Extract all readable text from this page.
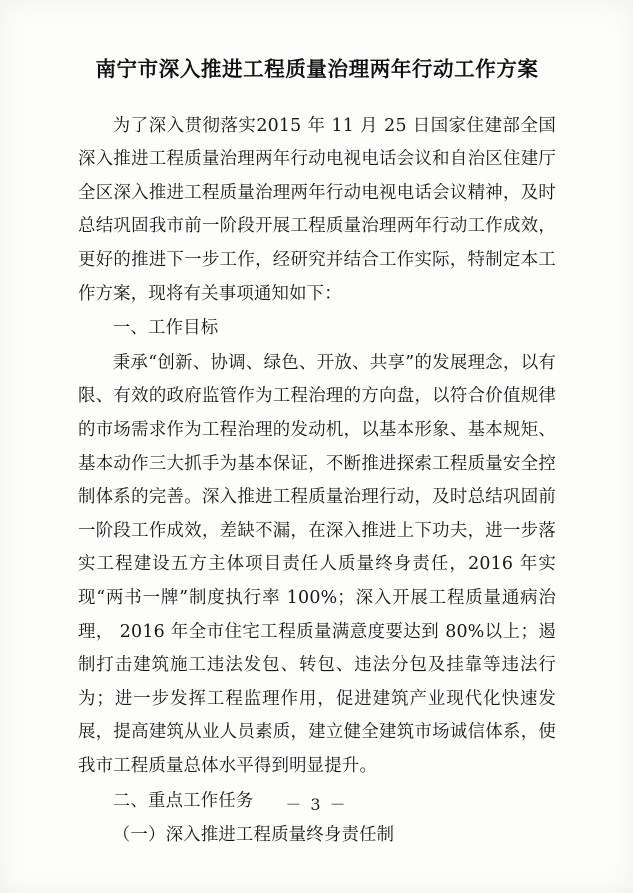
南宁市深入推进工程质量治理两年行动工作方案

为了深入贯彻落实2015 年 11 月 25 日国家住建部全国深入推进工程质量治理两年行动电视电话会议和自治区住建厅全区深入推进工程质量治理两年行动电视电话会议精神，及时总结巩固我市前一阶段开展工程质量治理两年行动工作成效，更好的推进下一步工作，经研究并结合工作实际，特制定本工作方案，现将有关事项通知如下：

一、工作目标

秉承“创新、协调、绿色、开放、共享”的发展理念，以有限、有效的政府监管作为工程治理的方向盘，以符合价值规律的市场需求作为工程治理的发动机，以基本形象、基本规矩、基本动作三大抓手为基本保证，不断推进探索工程质量安全控制体系的完善。深入推进工程质量治理行动，及时总结巩固前一阶段工作成效，差缺不漏，在深入推进上下功夫，进一步落实工程建设五方主体项目责任人质量终身责任，2016 年实现“两书一牌”制度执行率 100%；深入开展工程质量通病治理， 2016 年全市住宅工程质量满意度要达到 80%以上；遏制打击建筑施工违法发包、转包、违法分包及挂靠等违法行为；进一步发挥工程监理作用，促进建筑产业现代化快速发展，提高建筑从业人员素质，建立健全建筑市场诚信体系，使我市工程质量总体水平得到明显提升。

二、重点工作任务

（一）深入推进工程质量终身责任制

－ 3 －
